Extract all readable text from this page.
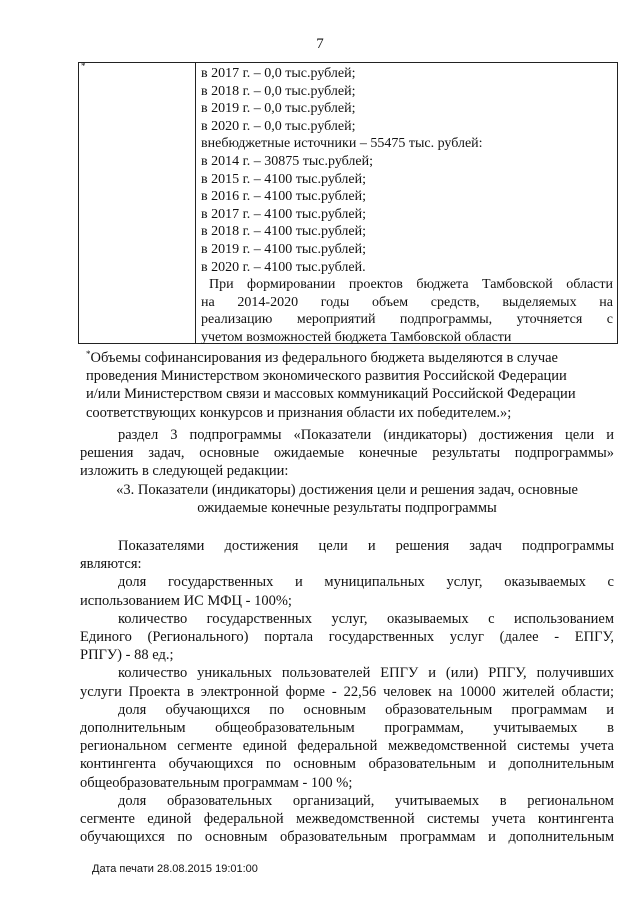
7
*	в 2017 г. – 0,0 тыс.рублей;
в 2018 г. – 0,0 тыс.рублей;
в 2019 г. – 0,0 тыс.рублей;
в 2020 г. – 0,0 тыс.рублей;
внебюджетные источники – 55475 тыс. рублей:
в 2014 г. – 30875 тыс.рублей;
в 2015 г. – 4100 тыс.рублей;
в 2016 г. – 4100 тыс.рублей;
в 2017 г. – 4100 тыс.рублей;
в 2018 г. – 4100 тыс.рублей;
в 2019 г. – 4100 тыс.рублей;
в 2020 г. – 4100 тыс.рублей.
При формировании проектов бюджета Тамбовской области
на 2014-2020 годы объем средств, выделяемых на
реализацию мероприятий подпрограммы, уточняется с
учетом возможностей бюджета Тамбовской области
*Объемы софинансирования из федерального бюджета выделяются в случае
проведения Министерством экономического развития Российской Федерации
и/или Министерством связи и массовых коммуникаций Российской Федерации
соответствующих конкурсов и признания области их победителем.»;
раздел 3 подпрограммы «Показатели (индикаторы) достижения цели и
решения задач, основные ожидаемые конечные результаты подпрограммы»
изложить в следующей редакции:
«3. Показатели (индикаторы) достижения цели и решения задач, основные
ожидаемые конечные результаты подпрограммы
Показателями достижения цели и решения задач подпрограммы
являются:
доля государственных и муниципальных услуг, оказываемых с
использованием ИС МФЦ - 100%;
количество государственных услуг, оказываемых с использованием
Единого (Регионального) портала государственных услуг (далее - ЕПГУ,
РПГУ) - 88 ед.;
количество уникальных пользователей ЕПГУ и (или) РПГУ, получивших
услуги Проекта в электронной форме - 22,56 человек на 10000 жителей области;
доля обучающихся по основным образовательным программам и
дополнительным общеобразовательным программам, учитываемых в
региональном сегменте единой федеральной межведомственной системы учета
контингента обучающихся по основным образовательным и дополнительным
общеобразовательным программам - 100 %;
доля образовательных организаций, учитываемых в региональном
сегменте единой федеральной межведомственной системы учета контингента
обучающихся по основным образовательным программам и дополнительным
Дата печати 28.08.2015 19:01:00
